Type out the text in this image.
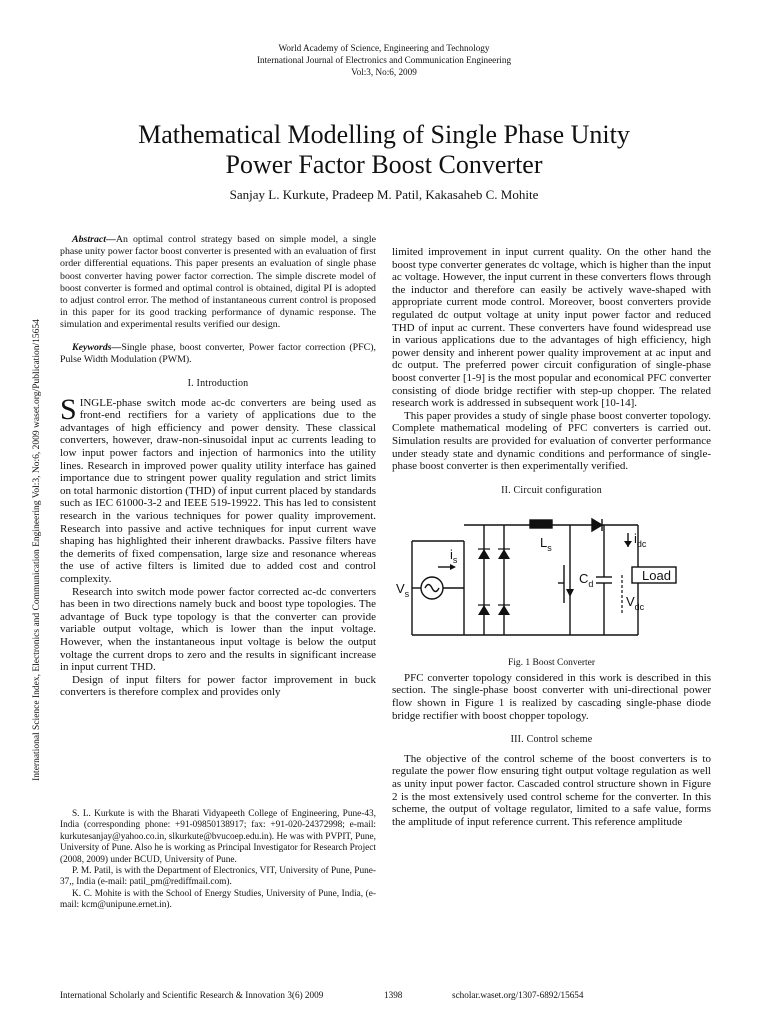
World Academy of Science, Engineering and Technology
International Journal of Electronics and Communication Engineering
Vol:3, No:6, 2009
Mathematical Modelling of Single Phase Unity
Power Factor Boost Converter
Sanjay L. Kurkute, Pradeep M. Patil, Kakasaheb C. Mohite
International Science Index, Electronics and Communication Engineering Vol:3, No:6, 2009 waset.org/Publication/15654

Abstract—An optimal control strategy based on simple model, a single phase unity power factor boost converter is presented with an evaluation of first order differential equations. This paper presents an evaluation of single phase boost converter having power factor correction. The simple discrete model of boost converter is formed and optimal control is obtained, digital PI is adopted to adjust control error. The method of instantaneous current control is proposed in this paper for its good tracking performance of dynamic response. The simulation and experimental results verified our design.

Keywords—Single phase, boost converter, Power factor correction (PFC), Pulse Width Modulation (PWM).

I. Introduction

SINGLE-phase switch mode ac-dc converters are being used as front-end rectifiers for a variety of applications due to the advantages of high efficiency and power density. These classical converters, however, draw-non-sinusoidal input ac currents leading to low input power factors and injection of harmonics into the utility lines. Research in improved power quality utility interface has gained importance due to stringent power quality regulation and strict limits on total harmonic distortion (THD) of input current placed by standards such as IEC 61000-3-2 and IEEE 519-19922. This has led to consistent research in the various techniques for power quality improvement. Research into passive and active techniques for input current wave shaping has highlighted their inherent drawbacks. Passive filters have the demerits of fixed compensation, large size and resonance whereas the use of active filters is limited due to added cost and control complexity.

Research into switch mode power factor corrected ac-dc converters has been in two directions namely buck and boost type topologies. The advantage of Buck type topology is that the converter can provide variable output voltage, which is lower than the input voltage. However, when the instantaneous input voltage is below the output voltage the current drops to zero and the results in significant increase in input current THD.

Design of input filters for power factor improvement in buck converters is therefore complex and provides only

S. L. Kurkute is with the Bharati Vidyapeeth College of Engineering, Pune-43, India (corresponding phone: +91-09850138917; fax: +91-020-24372998; e-mail: kurkutesanjay@yahoo.co.in, slkurkute@bvucoep.edu.in). He was with PVPIT, Pune, University of Pune. Also he is working as Principal Investigator for Research Project (2008, 2009) under BCUD, University of Pune.

P. M. Patil, is with the Department of Electronics, VIT, University of Pune, Pune-37,, India (e-mail: patil_pm@rediffmail.com).

K. C. Mohite is with the School of Energy Studies, University of Pune, India, (e-mail: kcm@unipune.ernet.in).

limited improvement in input current quality. On the other hand the boost type converter generates dc voltage, which is higher than the input ac voltage. However, the input current in these converters flows through the inductor and therefore can easily be actively wave-shaped with appropriate current mode control. Moreover, boost converters provide regulated dc output voltage at unity input power factor and reduced THD of input ac current. These converters have found widespread use in various applications due to the advantages of high efficiency, high power density and inherent power quality improvement at ac input and dc output. The preferred power circuit configuration of single-phase boost converter [1-9] is the most popular and economical PFC converter consisting of diode bridge rectifier with step-up chopper. The related research work is addressed in subsequent work [10-14].

This paper provides a study of single phase boost converter topology. Complete mathematical modeling of PFC converters is carried out. Simulation results are provided for evaluation of converter performance under steady state and dynamic conditions and performance of single-phase boost converter is then experimentally verified.

II. Circuit configuration

$L_s$
$i_s$
$V_s$
$C_d$
$i_{dc}$
$V_{dc}$
Load

Fig. 1 Boost Converter

PFC converter topology considered in this work is described in this section. The single-phase boost converter with uni-directional power flow shown in Figure 1 is realized by cascading single-phase diode bridge rectifier with boost chopper topology.

III. Control scheme

The objective of the control scheme of the boost converters is to regulate the power flow ensuring tight output voltage regulation as well as unity input power factor. Cascaded control structure shown in Figure 2 is the most extensively used control scheme for the converter. In this scheme, the output of voltage regulator, limited to a safe value, forms the amplitude of input reference current. This reference amplitude

International Scholarly and Scientific Research & Innovation 3(6) 2009	1398	scholar.waset.org/1307-6892/15654
